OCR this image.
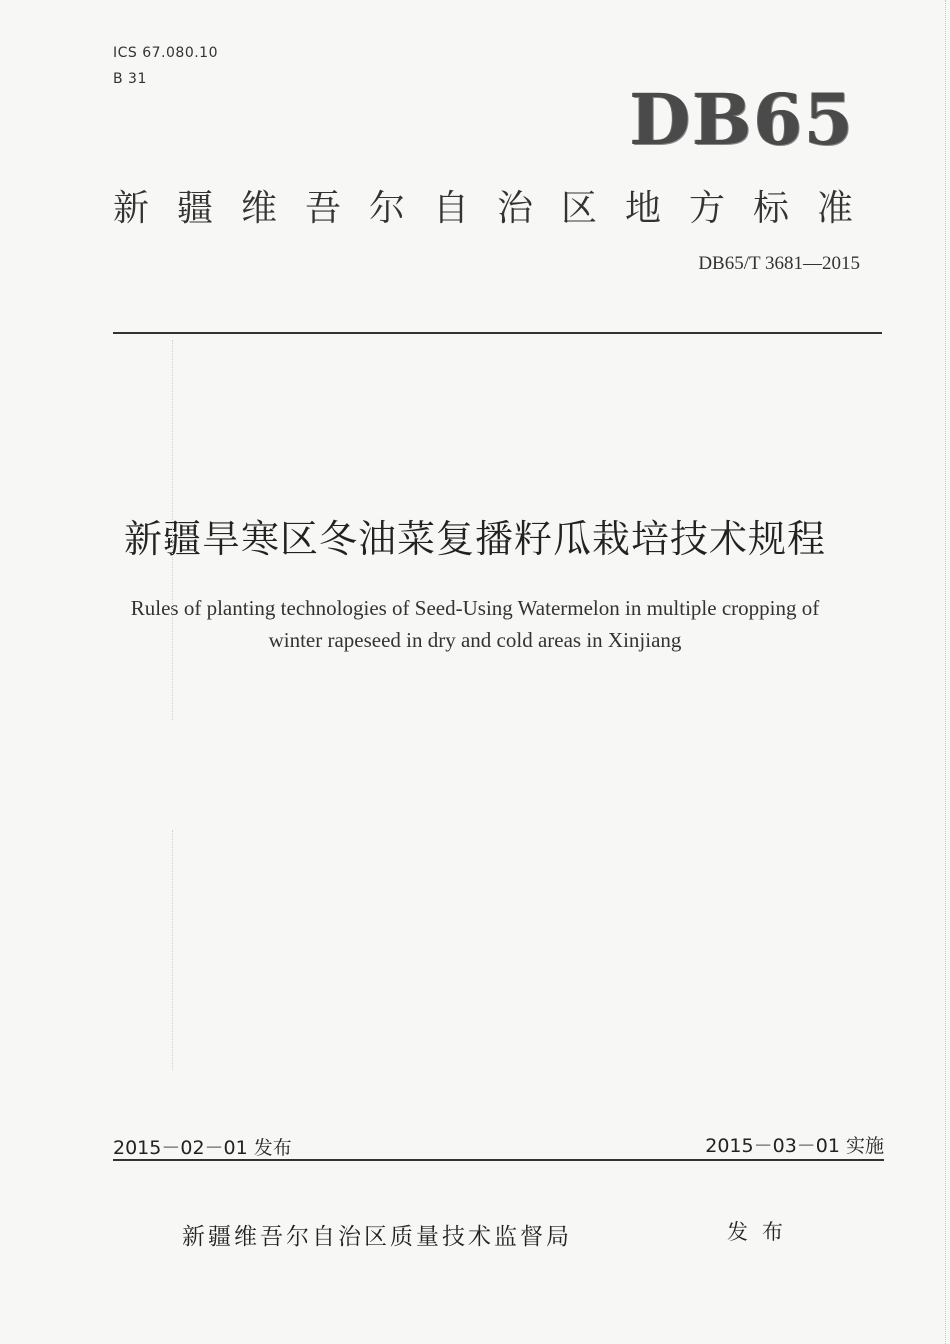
ICS 67.080.10
B 31	DB65
新疆维吾尔自治区地方标准
DB65/T 3681—2015
新疆旱寒区冬油菜复播籽瓜栽培技术规程
Rules of planting technologies of Seed-Using Watermelon in multiple cropping of
winter rapeseed in dry and cold areas in Xinjiang
2015－02－01 发布	2015－03－01 实施
新疆维吾尔自治区质量技术监督局	发布
